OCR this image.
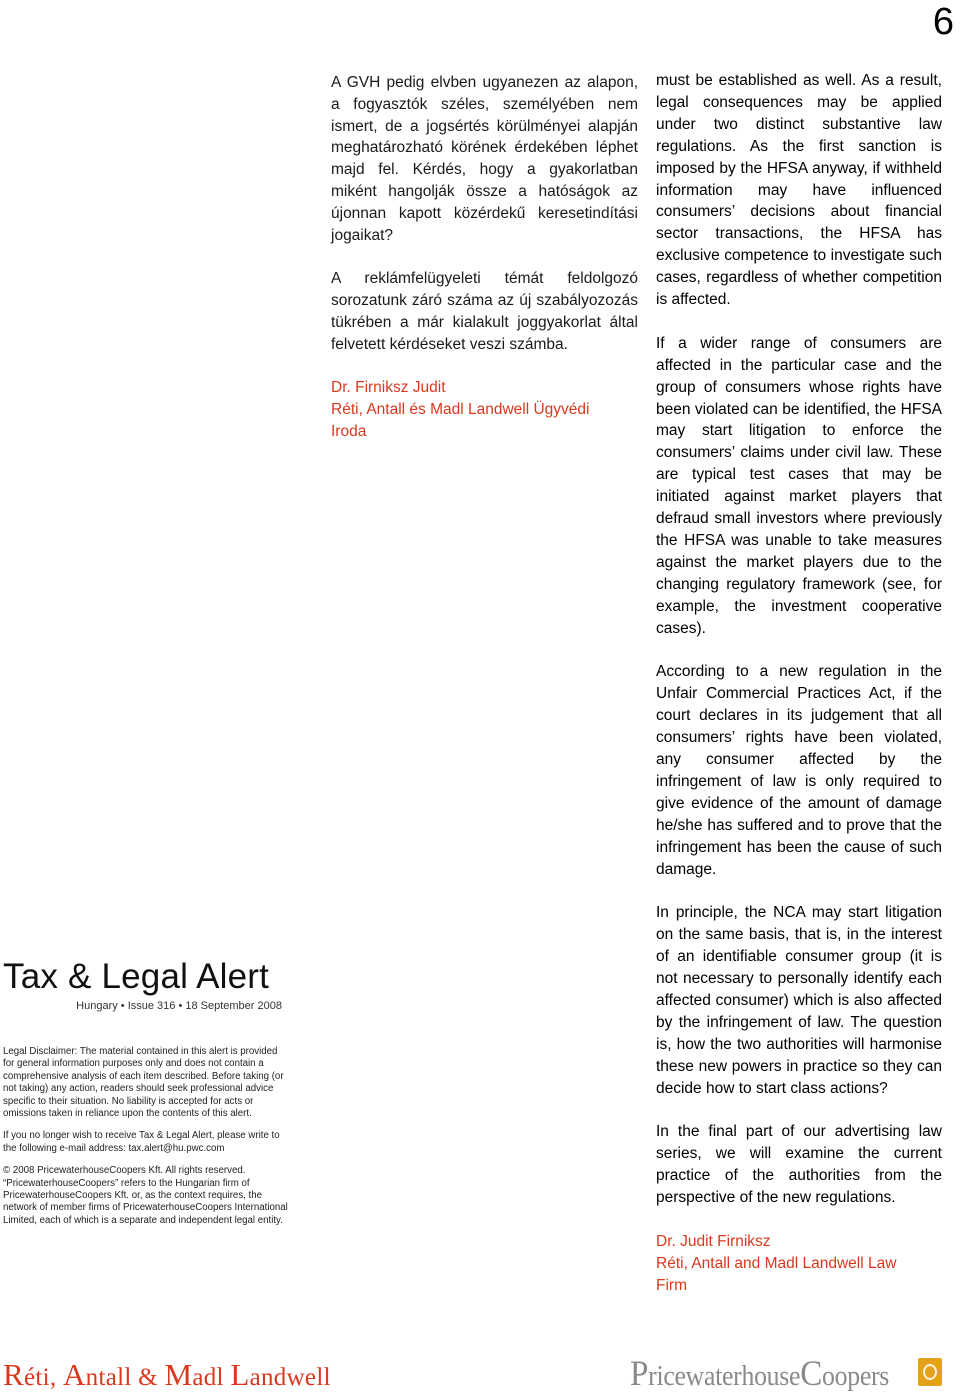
6

A GVH pedig elvben ugyanezen az alapon, a fogyasztók széles, személyében nem ismert, de a jogsértés körülményei alapján meghatározható körének érdekében léphet majd fel. Kérdés, hogy a gyakorlatban miként hangolják össze a hatóságok az újonnan kapott közérdekű keresetindítási jogaikat?

A reklámfelügyeleti témát feldolgozó sorozatunk záró száma az új szabályozozás tükrében a már kialakult joggyakorlat által felvetett kérdéseket veszi számba.

Dr. Firniksz Judit
Réti, Antall és Madl Landwell Ügyvédi
Iroda

must be established as well. As a result, legal consequences may be applied under two distinct substantive law regulations. As the first sanction is imposed by the HFSA anyway, if withheld information may have influenced consumers’ decisions about financial sector transactions, the HFSA has exclusive competence to investigate such cases, regardless of whether competition is affected.

If a wider range of consumers are affected in the particular case and the group of consumers whose rights have been violated can be identified, the HFSA may start litigation to enforce the consumers’ claims under civil law. These are typical test cases that may be initiated against market players that defraud small investors where previously the HFSA was unable to take measures against the market players due to the changing regulatory framework (see, for example, the investment cooperative cases).

According to a new regulation in the Unfair Commercial Practices Act, if the court declares in its judgement that all consumers’ rights have been violated, any consumer affected by the infringement of law is only required to give evidence of the amount of damage he/she has suffered and to prove that the infringement has been the cause of such damage.

In principle, the NCA may start litigation on the same basis, that is, in the interest of an identifiable consumer group (it is not necessary to personally identify each affected consumer) which is also affected by the infringement of law. The question is, how the two authorities will harmonise these new powers in practice so they can decide how to start class actions?

In the final part of our advertising law series, we will examine the current practice of the authorities from the perspective of the new regulations.

Dr. Judit Firniksz
Réti, Antall and Madl Landwell Law
Firm
Tax & Legal Alert
Hungary • Issue 316 • 18 September 2008
Legal Disclaimer: The material contained in this alert is provided for general information purposes only and does not contain a comprehensive analysis of each item described. Before taking (or not taking) any action, readers should seek professional advice specific to their situation. No liability is accepted for acts or omissions taken in reliance upon the contents of this alert.
If you no longer wish to receive Tax & Legal Alert, please write to the following e-mail address: tax.alert@hu.pwc.com
© 2008 PricewaterhouseCoopers Kft. All rights reserved.
“PricewaterhouseCoopers” refers to the Hungarian firm of PricewaterhouseCoopers Kft. or, as the context requires, the network of member firms of PricewaterhouseCoopers International Limited, each of which is a separate and independent legal entity.
Réti, Antall & Madl Landwell	PricewaterhouseCoopers
